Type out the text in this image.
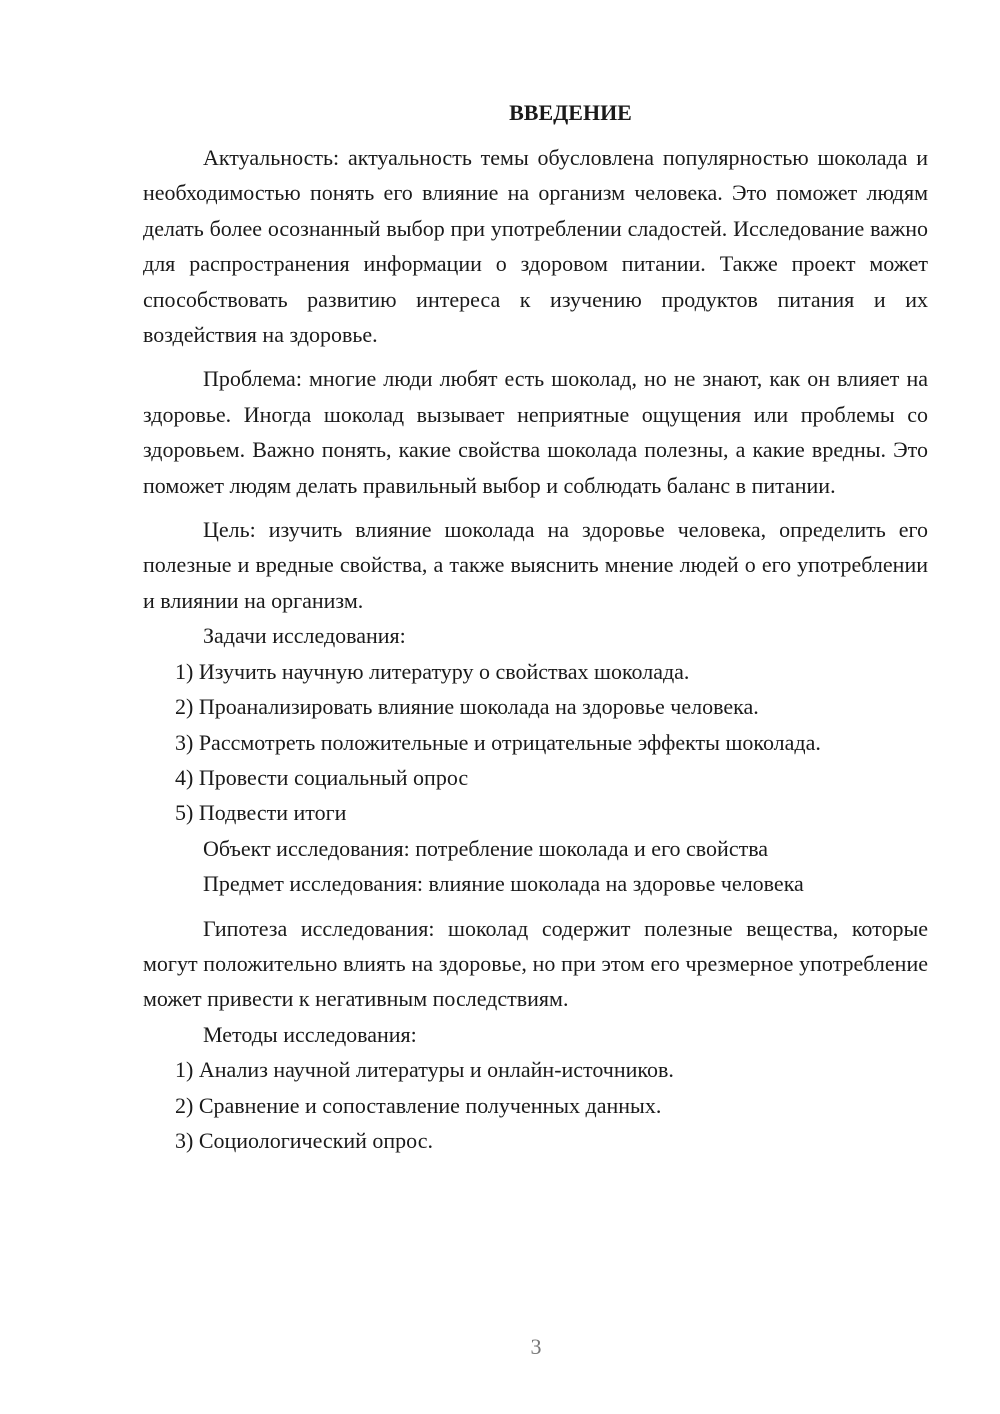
ВВЕДЕНИЕ

Актуальность: актуальность темы обусловлена популярностью шоколада и необходимостью понять его влияние на организм человека. Это поможет людям делать более осознанный выбор при употреблении сладостей. Исследование важно для распространения информации о здоровом питании. Также проект может способствовать развитию интереса к изучению продуктов питания и их воздействия на здоровье.

Проблема: многие люди любят есть шоколад, но не знают, как он влияет на здоровье. Иногда шоколад вызывает неприятные ощущения или проблемы со здоровьем. Важно понять, какие свойства шоколада полезны, а какие вредны. Это поможет людям делать правильный выбор и соблюдать баланс в питании.

Цель: изучить влияние шоколада на здоровье человека, определить его полезные и вредные свойства, а также выяснить мнение людей о его употреблении и влиянии на организм.

Задачи исследования:

1) Изучить научную литературу о свойствах шоколада.

2) Проанализировать влияние шоколада на здоровье человека.

3) Рассмотреть положительные и отрицательные эффекты шоколада.

4) Провести социальный опрос

5) Подвести итоги

Объект исследования: потребление шоколада и его свойства

Предмет исследования: влияние шоколада на здоровье человека

Гипотеза исследования: шоколад содержит полезные вещества, которые могут положительно влиять на здоровье, но при этом его чрезмерное употребление может привести к негативным последствиям.

Методы исследования:

1) Анализ научной литературы и онлайн-источников.

2) Сравнение и сопоставление полученных данных.

3) Социологический опрос.

3
